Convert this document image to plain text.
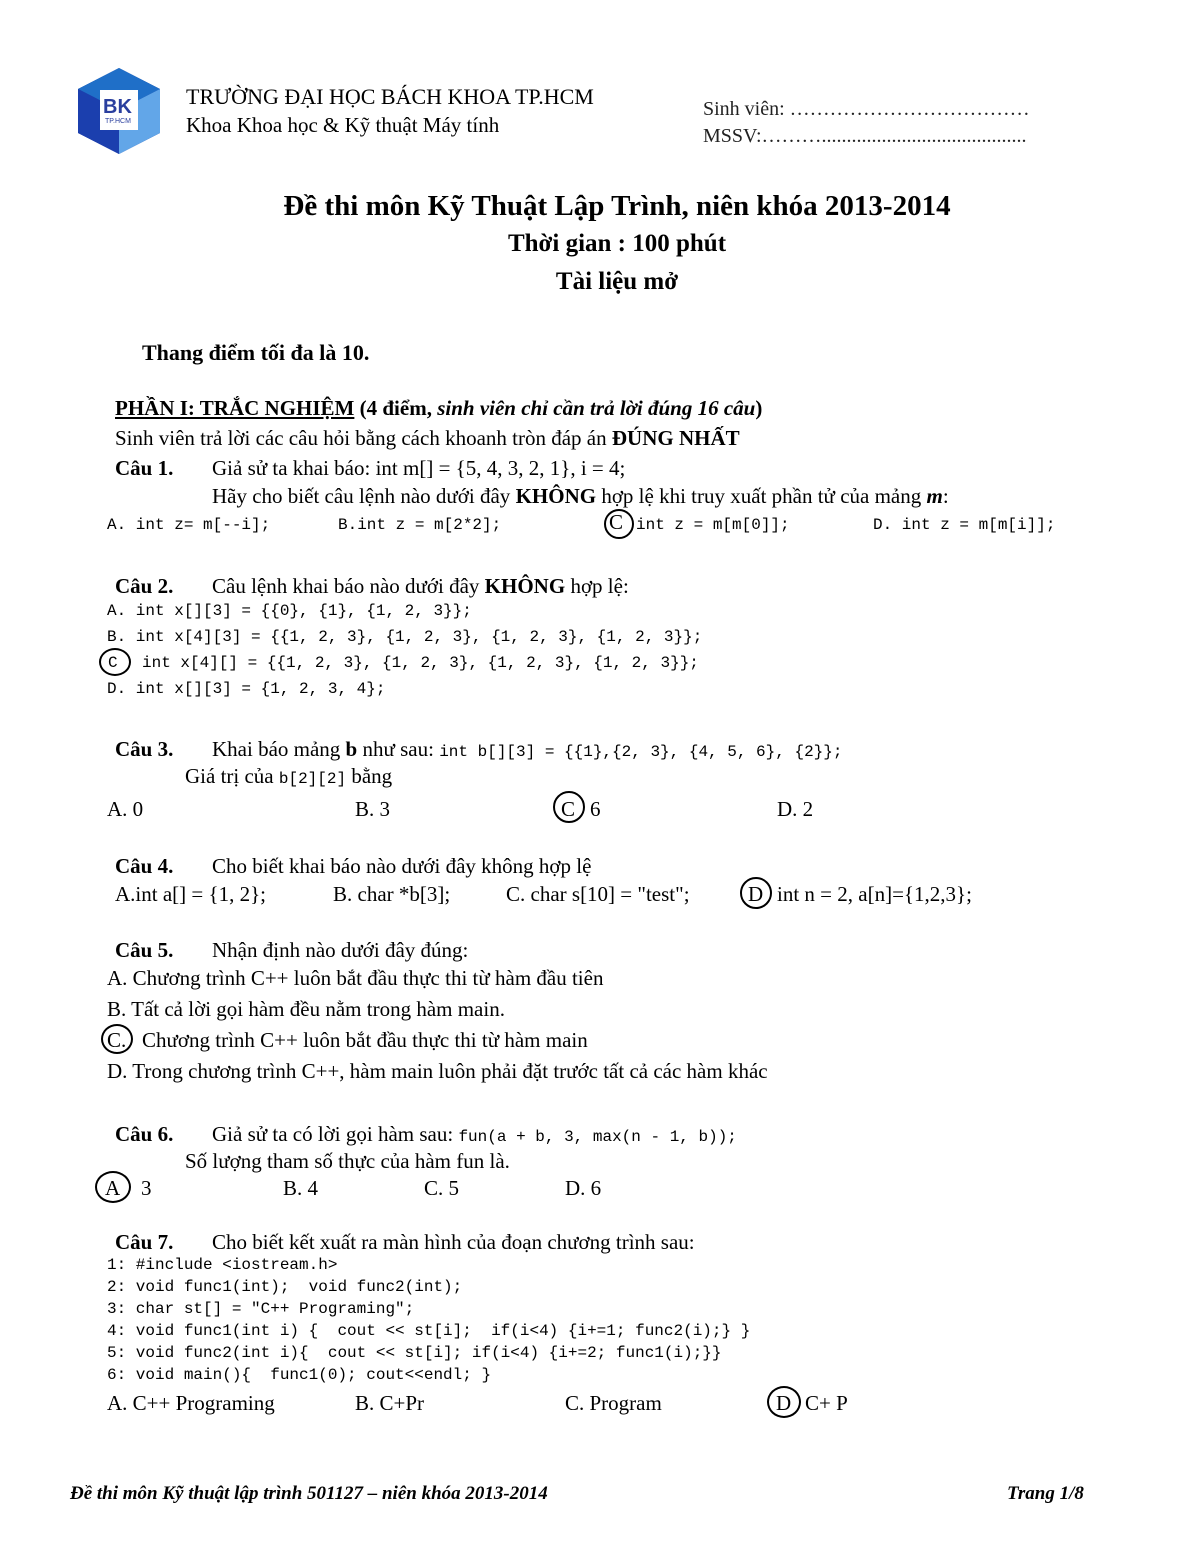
BK
TP.HCM
TRƯỜNG ĐẠI HỌC BÁCH KHOA TP.HCM
Khoa Khoa học & Kỹ thuật Máy tính
Sinh viên: ………………………………
MSSV:……….........................................
Đề thi môn Kỹ Thuật Lập Trình, niên khóa 2013-2014
Thời gian : 100 phút
Tài liệu mở
Thang điểm tối đa là 10.
PHẦN I: TRẮC NGHIỆM (4 điểm, sinh viên chỉ cần trả lời đúng 16 câu)
Sinh viên trả lời các câu hỏi bằng cách khoanh tròn đáp án ĐÚNG NHẤT
Câu 1. Giả sử ta khai báo: int m[] = {5, 4, 3, 2, 1}, i = 4;
Hãy cho biết câu lệnh nào dưới đây KHÔNG hợp lệ khi truy xuất phần tử của mảng m:
A. int z= m[--i];	B.int z = m[2*2];	C int z = m[m[0]];	D. int z = m[m[i]];
Câu 2. Câu lệnh khai báo nào dưới đây KHÔNG hợp lệ:
A. int x[][3] = {{0}, {1}, {1, 2, 3}};
B. int x[4][3] = {{1, 2, 3}, {1, 2, 3}, {1, 2, 3}, {1, 2, 3}};
C int x[4][] = {{1, 2, 3}, {1, 2, 3}, {1, 2, 3}, {1, 2, 3}};
D. int x[][3] = {1, 2, 3, 4};
Câu 3. Khai báo mảng b như sau: int b[][3] = {{1},{2, 3}, {4, 5, 6}, {2}};
Giá trị của b[2][2] bằng
A. 0	B. 3	C 6	D. 2
Câu 4. Cho biết khai báo nào dưới đây không hợp lệ
A.int a[] = {1, 2};	B. char *b[3];	C. char s[10] = "test";	D int n = 2, a[n]={1,2,3};
Câu 5. Nhận định nào dưới đây đúng:
A. Chương trình C++ luôn bắt đầu thực thi từ hàm đầu tiên
B. Tất cả lời gọi hàm đều nằm trong hàm main.
C. Chương trình C++ luôn bắt đầu thực thi từ hàm main
D. Trong chương trình C++, hàm main luôn phải đặt trước tất cả các hàm khác
Câu 6. Giả sử ta có lời gọi hàm sau: fun(a + b, 3, max(n - 1, b));
Số lượng tham số thực của hàm fun là.
A 3	B. 4	C. 5	D. 6
Câu 7. Cho biết kết xuất ra màn hình của đoạn chương trình sau:
1: #include <iostream.h>
2: void func1(int);  void func2(int);
3: char st[] = "C++ Programing";
4: void func1(int i) {  cout << st[i];  if(i<4) {i+=1; func2(i);} }
5: void func2(int i){  cout << st[i]; if(i<4) {i+=2; func1(i);}}
6: void main(){  func1(0); cout<<endl; }
A. C++ Programing	B. C+Pr	C. Program	D C+ P
Đề thi môn Kỹ thuật lập trình 501127 – niên khóa 2013-2014	Trang 1/8
